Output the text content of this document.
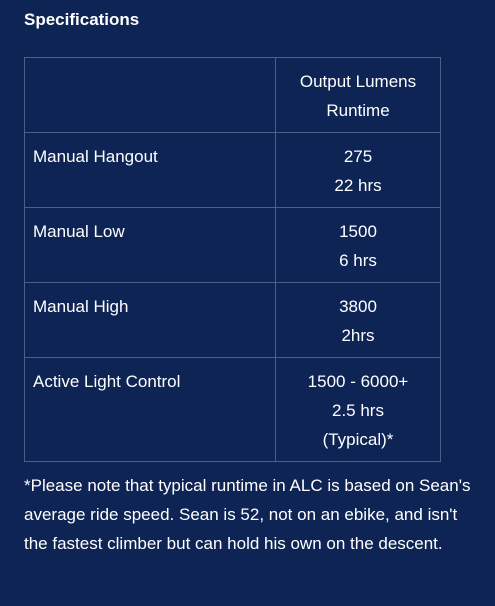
Specifications

	Output Lumens
Runtime

Manual Hangout	275
22 hrs

Manual Low	1500
6 hrs

Manual High	3800
2hrs

Active Light Control	1500 - 6000+
2.5 hrs
(Typical)*

*Please note that typical runtime in ALC is based on Sean's average ride speed. Sean is 52, not on an ebike, and isn't the fastest climber but can hold his own on the descent.
